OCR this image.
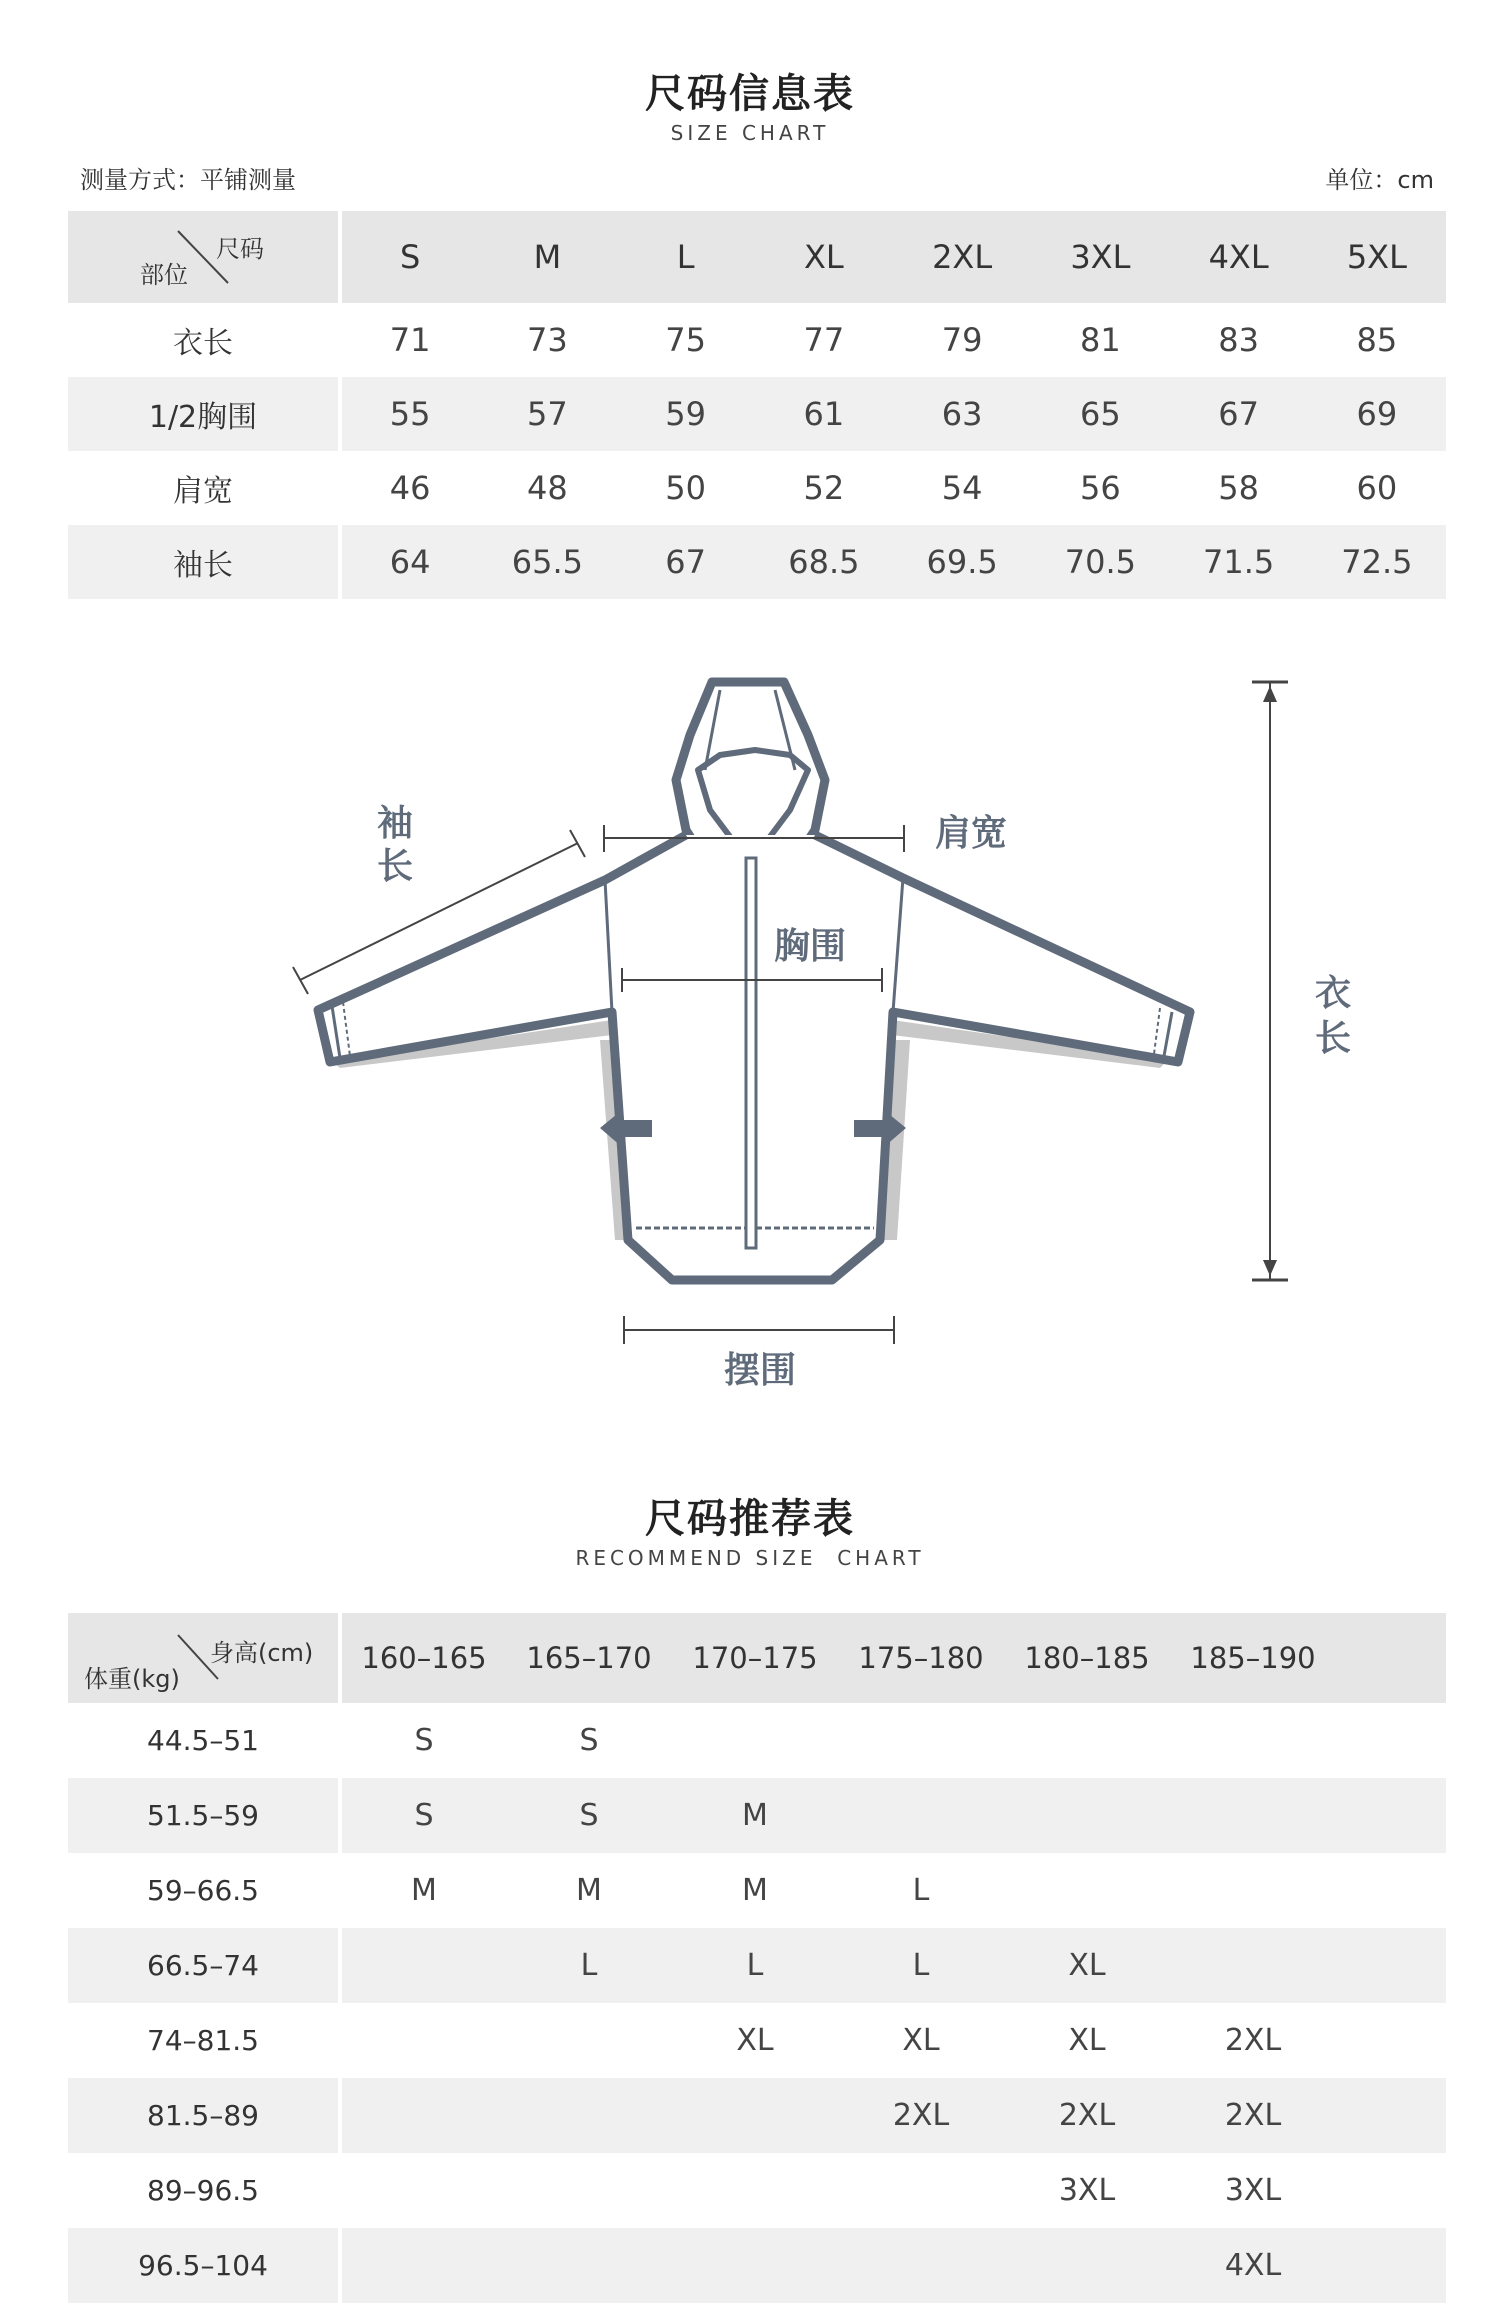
尺码信息表
SIZE CHART
测量方式：平铺测量	单位：cm
尺码
部位	S	M	L	XL	2XL	3XL	4XL	5XL
衣长	71	73	75	77	79	81	83	85
1/2胸围	55	57	59	61	63	65	67	69
肩宽	46	48	50	52	54	56	58	60
袖长	64	65.5	67	68.5	69.5	70.5	71.5	72.5
袖
长
肩宽
胸围
衣
长
摆围
尺码推荐表
RECOMMEND SIZE  CHART
身高(cm)
体重(kg)	160–165	165–170	170–175	175–180	180–185	185–190	
44.5–51	S	S					
51.5–59	S	S	M				
59–66.5	M	M	M	L			
66.5–74		L	L	L	XL		
74–81.5			XL	XL	XL	2XL	
81.5–89				2XL	2XL	2XL	
89–96.5					3XL	3XL	
96.5–104						4XL	
